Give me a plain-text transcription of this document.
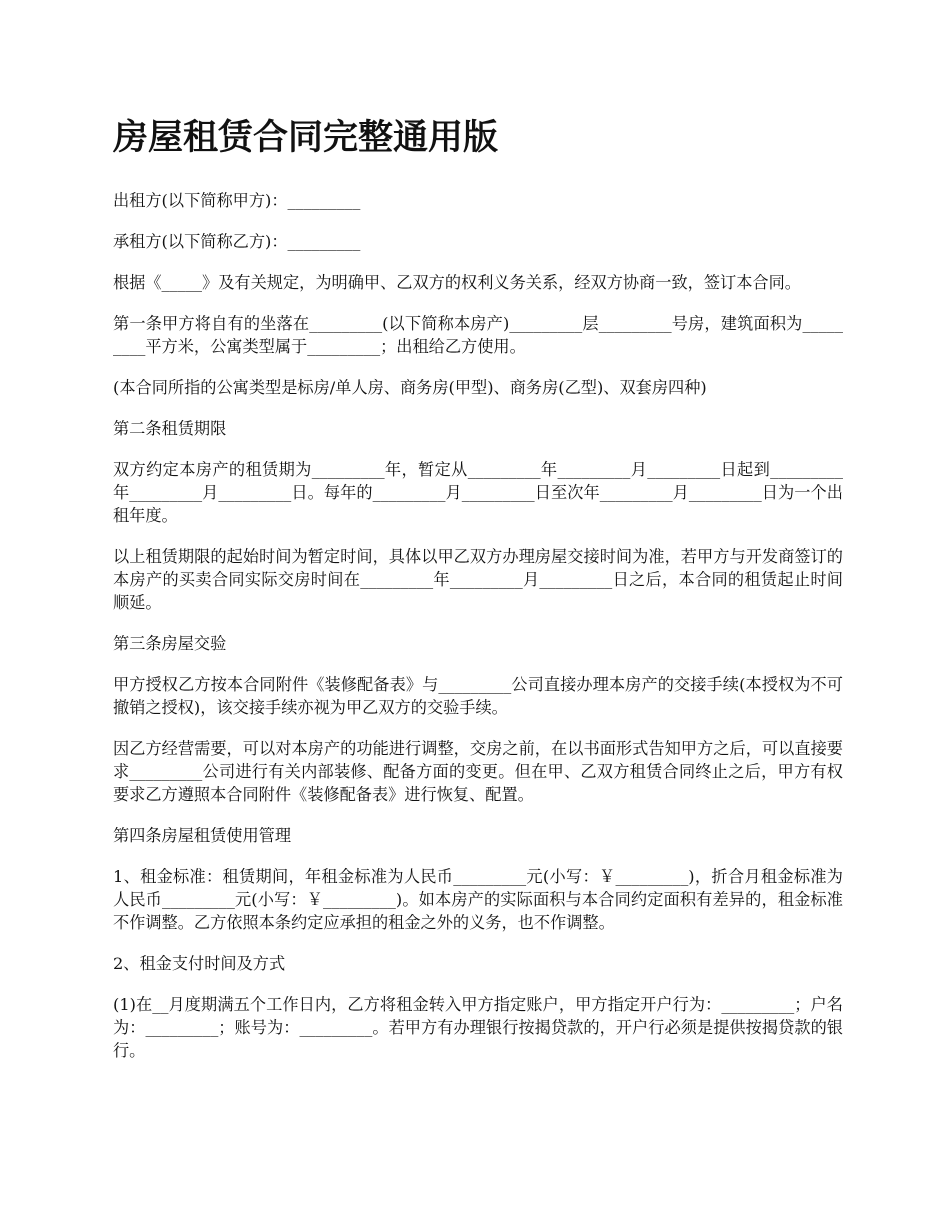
房屋租赁合同完整通用版

出租方(以下简称甲方)：_________

承租方(以下简称乙方)：_________

根据《_____》及有关规定，为明确甲、乙双方的权利义务关系，经双方协商一致，签订本合同。

第一条甲方将自有的坐落在_________(以下简称本房产)_________层_________号房，建筑面积为_________平方米，公寓类型属于_________；出租给乙方使用。

(本合同所指的公寓类型是标房/单人房、商务房(甲型)、商务房(乙型)、双套房四种)

第二条租赁期限

双方约定本房产的租赁期为_________年，暂定从_________年_________月_________日起到_________年_________月_________日。每年的_________月_________日至次年_________月_________日为一个出租年度。

以上租赁期限的起始时间为暂定时间，具体以甲乙双方办理房屋交接时间为准，若甲方与开发商签订的本房产的买卖合同实际交房时间在_________年_________月_________日之后，本合同的租赁起止时间顺延。

第三条房屋交验

甲方授权乙方按本合同附件《装修配备表》与_________公司直接办理本房产的交接手续(本授权为不可撤销之授权)，该交接手续亦视为甲乙双方的交验手续。

因乙方经营需要，可以对本房产的功能进行调整，交房之前，在以书面形式告知甲方之后，可以直接要求_________公司进行有关内部装修、配备方面的变更。但在甲、乙双方租赁合同终止之后，甲方有权要求乙方遵照本合同附件《装修配备表》进行恢复、配置。

第四条房屋租赁使用管理

1、租金标准：租赁期间，年租金标准为人民币_________元(小写：￥_________)，折合月租金标准为人民币_________元(小写：￥_________)。如本房产的实际面积与本合同约定面积有差异的，租金标准不作调整。乙方依照本条约定应承担的租金之外的义务，也不作调整。

2、租金支付时间及方式

(1)在__月度期满五个工作日内，乙方将租金转入甲方指定账户，甲方指定开户行为：_________；户名为：_________；账号为：_________。若甲方有办理银行按揭贷款的，开户行必须是提供按揭贷款的银行。
